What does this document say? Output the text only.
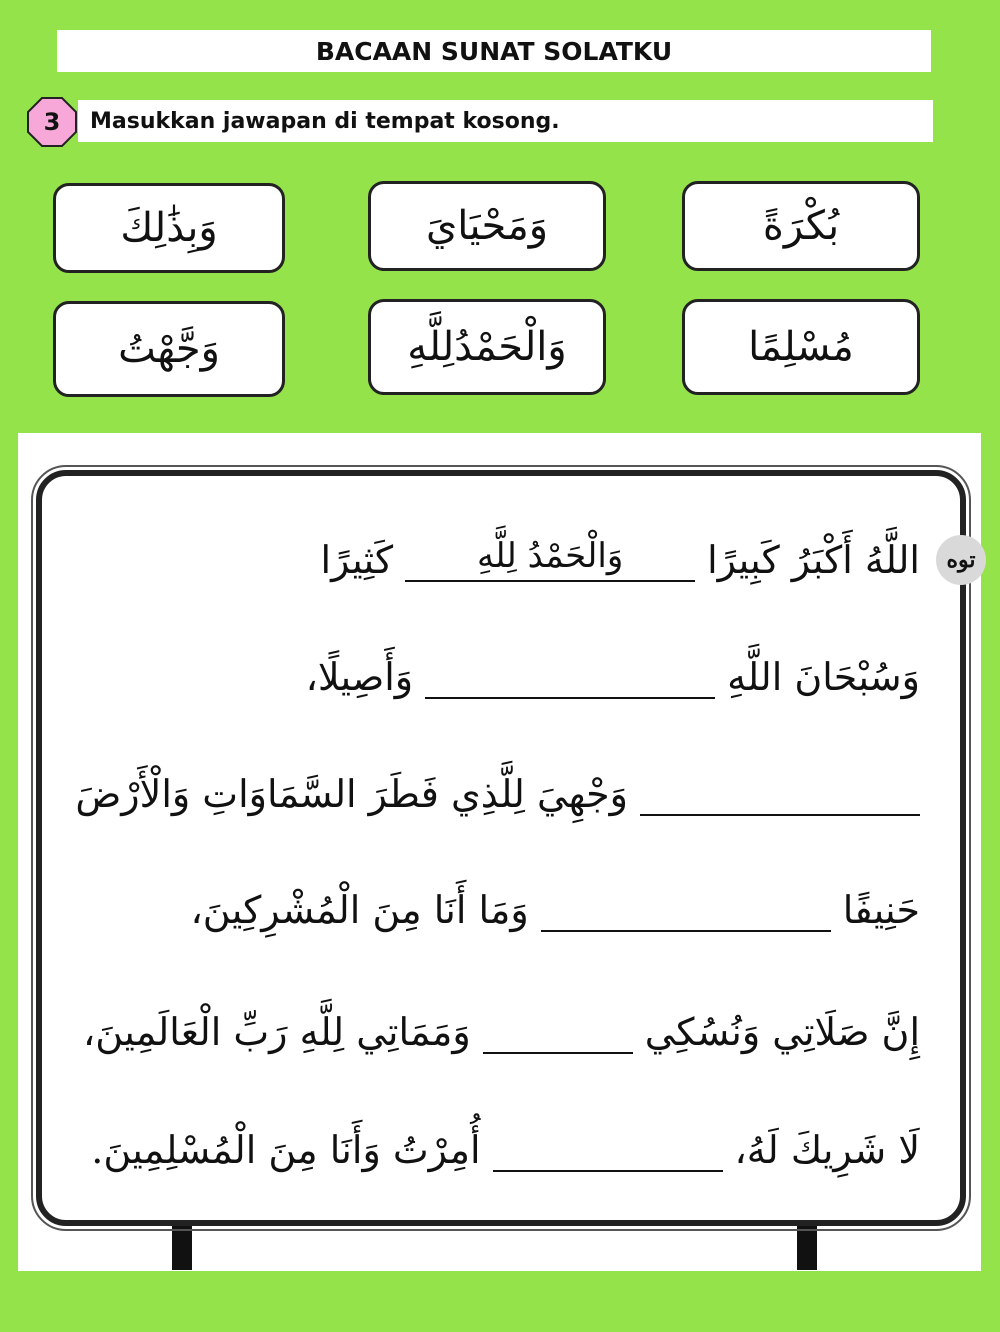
BACAAN SUNAT SOLATKU
3 Masukkan jawapan di tempat kosong.
وَبِذَٰلِكَ	وَمَحْيَايَ	بُكْرَةً
وَجَّهْتُ	وَالْحَمْدُلِلَّهِ	مُسْلِمًا
توه
اللَّهُ أَكْبَرُ كَبِيرًا
وَالْحَمْدُ لِلَّهِ
كَثِيرًا
وَسُبْحَانَ اللَّهِ
وَأَصِيلًا،
وَجْهِيَ لِلَّذِي فَطَرَ السَّمَاوَاتِ وَالْأَرْضَ
حَنِيفًا
وَمَا أَنَا مِنَ الْمُشْرِكِينَ،
إِنَّ صَلَاتِي وَنُسُكِي
وَمَمَاتِي لِلَّهِ رَبِّ الْعَالَمِينَ،
لَا شَرِيكَ لَهُ،
أُمِرْتُ وَأَنَا مِنَ الْمُسْلِمِينَ.
